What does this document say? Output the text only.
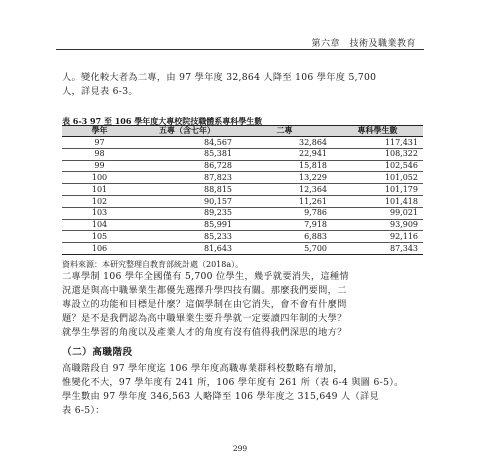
第六章　技術及職業教育
人。變化較大者為二專，由 97 學年度 32,864 人降至 106 學年度 5,700
人，詳見表 6-3。
表 6-3 97 至 106 學年度大專校院技職體系專科學生數
學年	五專（含七年）	二專	專科學生數
97	84,567	32,864	117,431
98	85,381	22,941	108,322
99	86,728	15,818	102,546
100	87,823	13,229	101,052
101	88,815	12,364	101,179
102	90,157	11,261	101,418
103	89,235	9,786	99,021
104	85,991	7,918	93,909
105	85,233	6,883	92,116
106	81,643	5,700	87,343
資料來源：本研究整理自教育部統計處（2018a）。
二專學制 106 學年全國僅有 5,700 位學生，幾乎就要消失，這種情
況還是與高中職畢業生都優先選擇升學四技有關。那麼我們要問，二
專設立的功能和目標是什麼？這個學制在由它消失，會不會有什麼問
題？是不是我們認為高中職畢業生要升學就一定要讀四年制的大學？
就學生學習的角度以及產業人才的角度有沒有值得我們深思的地方？
（二）高職階段
高職階段自 97 學年度迄 106 學年度高職專業群科校數略有增加，
惟變化不大，97 學年度有 241 所，106 學年度有 261 所（表 6-4 與圖 6-5）。
學生數由 97 學年度 346,563 人略降至 106 學年度之 315,649 人（詳見
表 6-5）：
299
